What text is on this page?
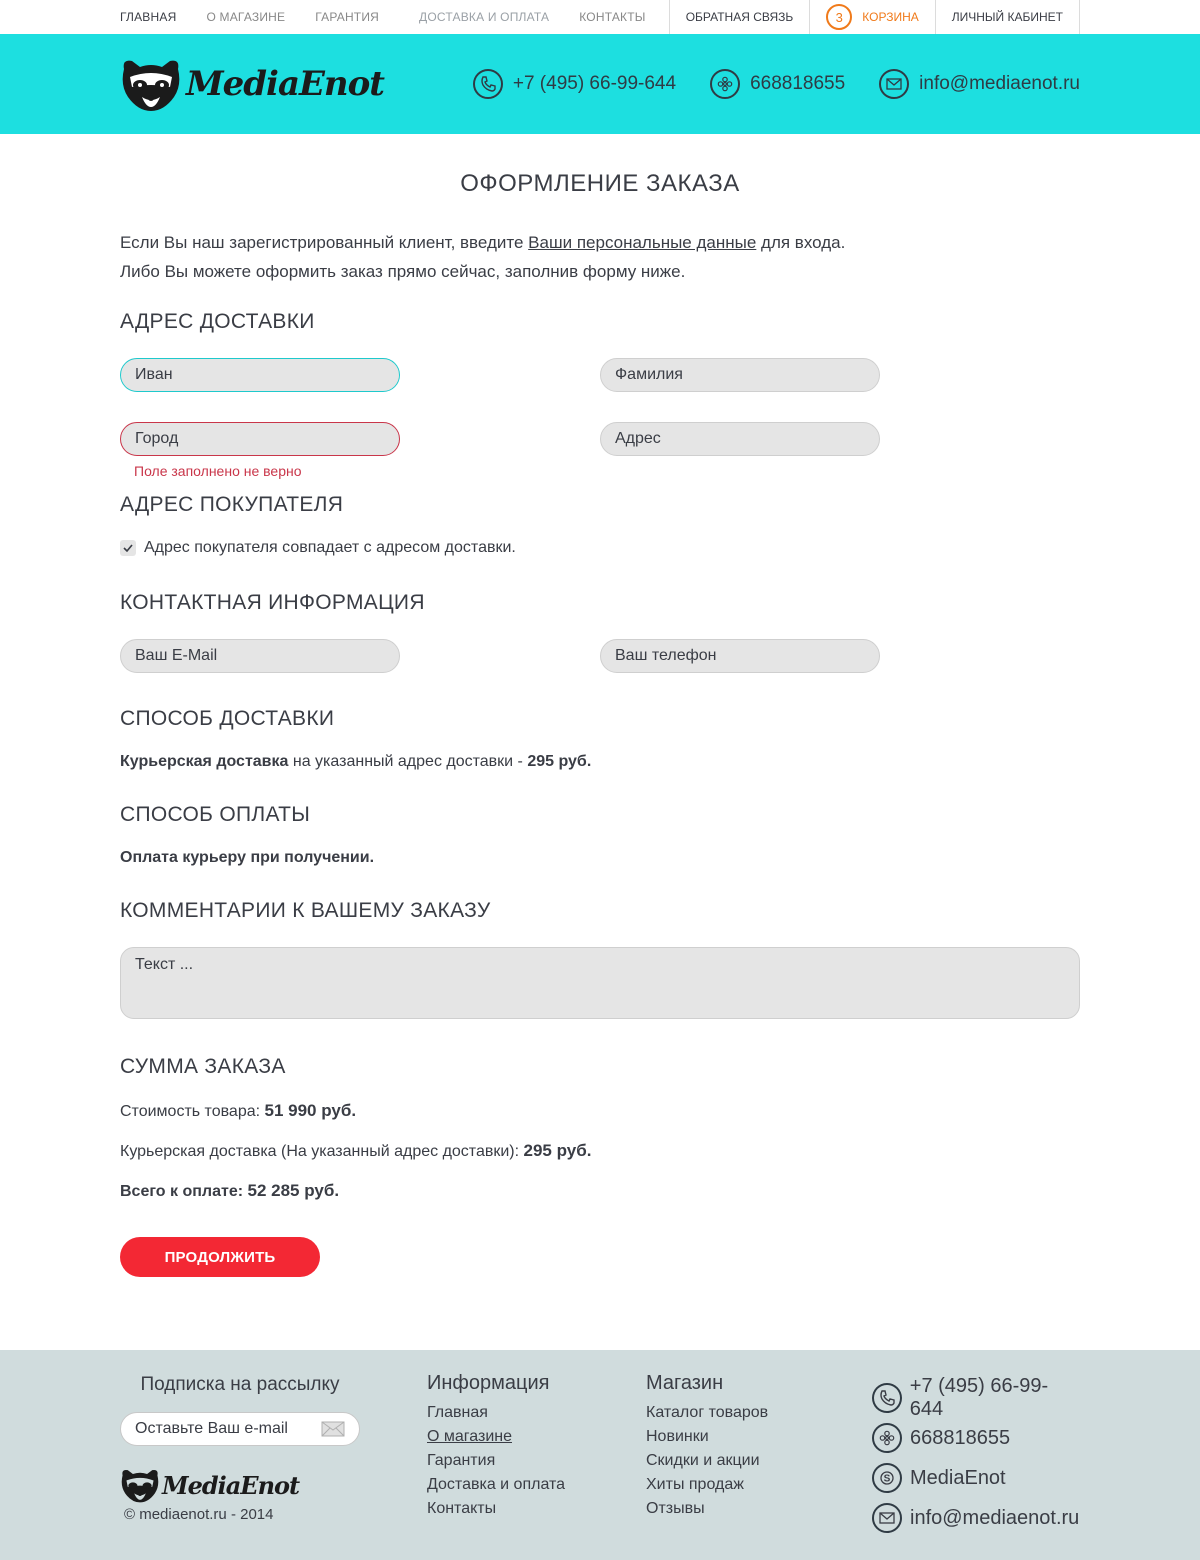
ГЛАВНАЯ	О МАГАЗИНЕ	ГАРАНТИЯ	ДОСТАВКА И ОПЛАТА	КОНТАКТЫ	ОБРАТНАЯ СВЯЗЬ	3	КОРЗИНА	ЛИЧНЫЙ КАБИНЕТ
MediaEnot	+7 (495) 66-99-644	668818655	info@mediaenot.ru
ОФОРМЛЕНИЕ ЗАКАЗА
Если Вы наш зарегистрированный клиент, введите Ваши персональные данные для входа.
Либо Вы можете оформить заказ прямо сейчас, заполнив форму ниже.
АДРЕС ДОСТАВКИ
Иван	Фамилия
Город
Поле заполнено не верно
Адрес
АДРЕС ПОКУПАТЕЛЯ
Адрес покупателя совпадает с адресом доставки.
КОНТАКТНАЯ ИНФОРМАЦИЯ
Ваш E-Mail	Ваш телефон
СПОСОБ ДОСТАВКИ
Курьерская доставка на указанный адрес доставки - 295 руб.
СПОСОБ ОПЛАТЫ
Оплата курьеру при получении.
КОММЕНТАРИИ К ВАШЕМУ ЗАКАЗУ
Текст ...
СУММА ЗАКАЗА
Стоимость товара: 51 990 руб.
Курьерская доставка (На указанный адрес доставки): 295 руб.
Всего к оплате: 52 285 руб.
ПРОДОЛЖИТЬ
Подписка на рассылку
Оставьте Ваш e-mail
MediaEnot
© mediaenot.ru - 2014
Информация
Главная
О магазине
Гарантия
Доставка и оплата
Контакты
Магазин
Каталог товаров
Новинки
Скидки и акции
Хиты продаж
Отзывы
+7 (495) 66-99-644
668818655
S MediaEnot
info@mediaenot.ru
